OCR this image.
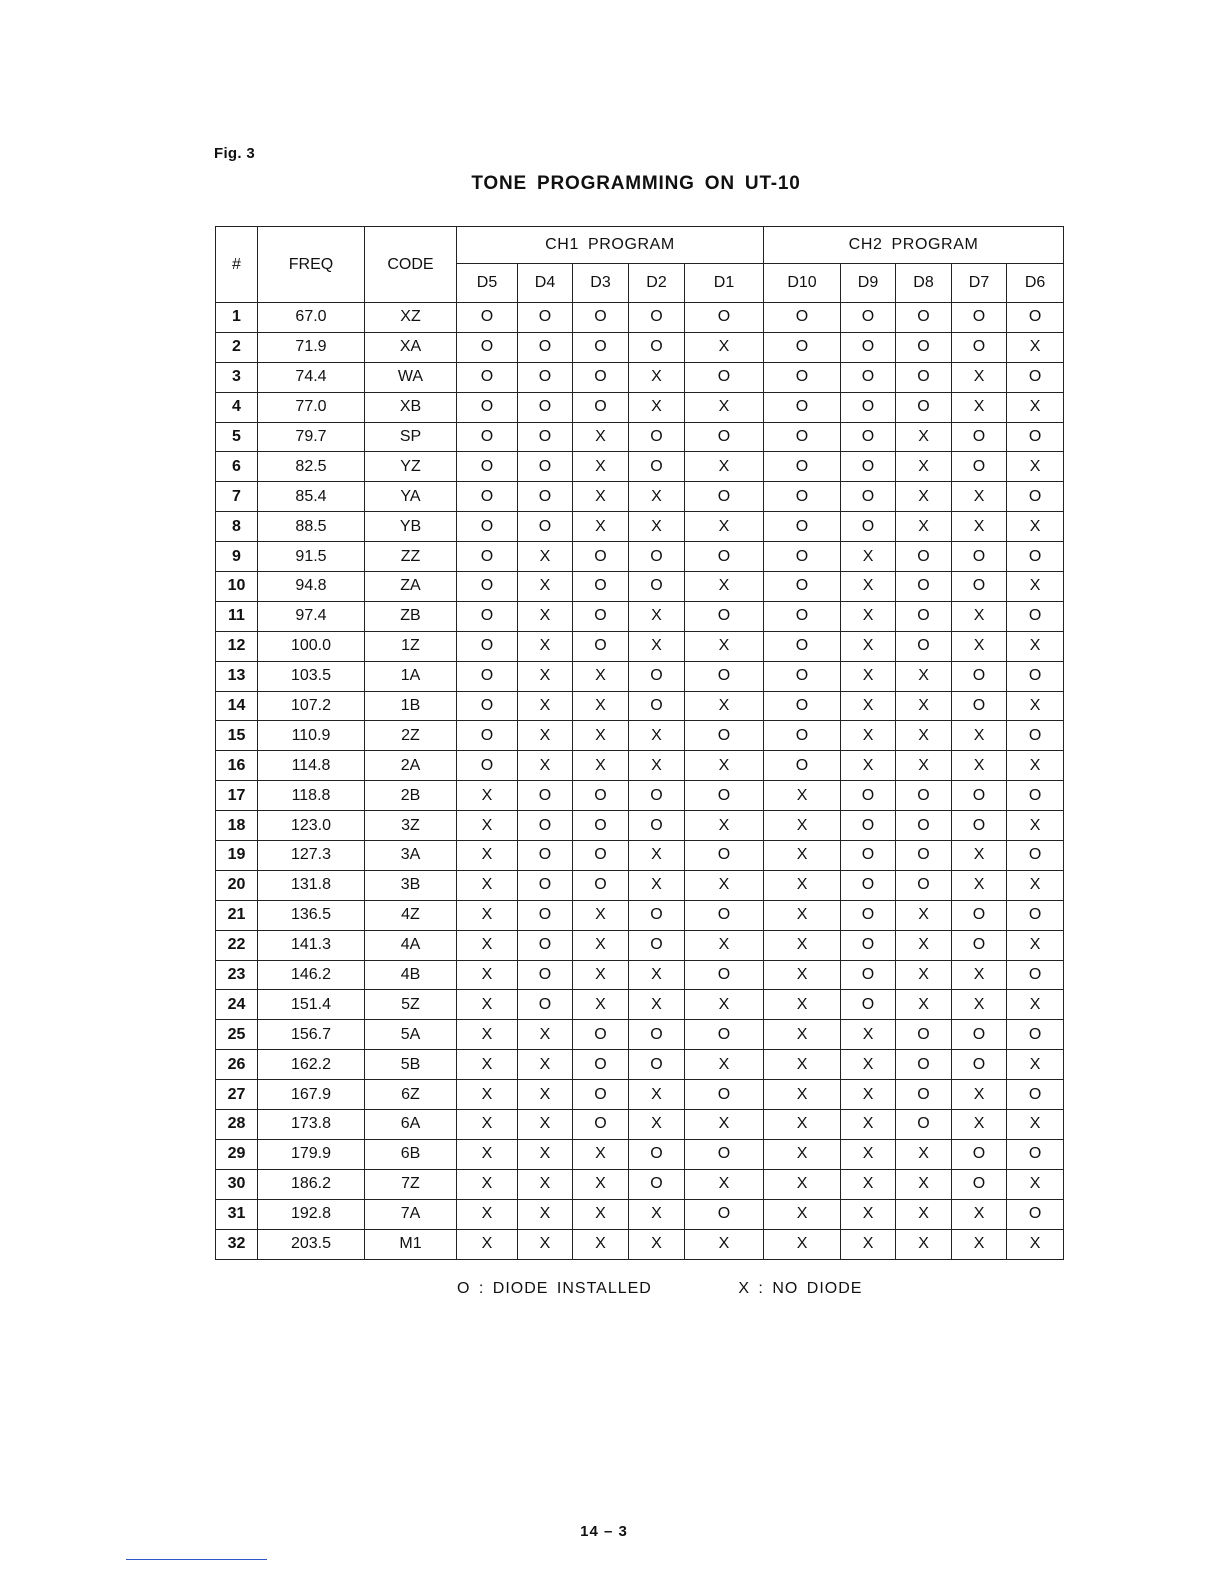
Fig. 3
TONE PROGRAMMING ON UT-10
#	FREQ	CODE	CH1 PROGRAM					CH2 PROGRAM				
			D5	D4	D3	D2	D1	D10	D9	D8	D7	D6
1	67.0	XZ	O	O	O	O	O	O	O	O	O	O
2	71.9	XA	O	O	O	O	X	O	O	O	O	X
3	74.4	WA	O	O	O	X	O	O	O	O	X	O
4	77.0	XB	O	O	O	X	X	O	O	O	X	X
5	79.7	SP	O	O	X	O	O	O	O	X	O	O
6	82.5	YZ	O	O	X	O	X	O	O	X	O	X
7	85.4	YA	O	O	X	X	O	O	O	X	X	O
8	88.5	YB	O	O	X	X	X	O	O	X	X	X
9	91.5	ZZ	O	X	O	O	O	O	X	O	O	O
10	94.8	ZA	O	X	O	O	X	O	X	O	O	X
11	97.4	ZB	O	X	O	X	O	O	X	O	X	O
12	100.0	1Z	O	X	O	X	X	O	X	O	X	X
13	103.5	1A	O	X	X	O	O	O	X	X	O	O
14	107.2	1B	O	X	X	O	X	O	X	X	O	X
15	110.9	2Z	O	X	X	X	O	O	X	X	X	O
16	114.8	2A	O	X	X	X	X	O	X	X	X	X
17	118.8	2B	X	O	O	O	O	X	O	O	O	O
18	123.0	3Z	X	O	O	O	X	X	O	O	O	X
19	127.3	3A	X	O	O	X	O	X	O	O	X	O
20	131.8	3B	X	O	O	X	X	X	O	O	X	X
21	136.5	4Z	X	O	X	O	O	X	O	X	O	O
22	141.3	4A	X	O	X	O	X	X	O	X	O	X
23	146.2	4B	X	O	X	X	O	X	O	X	X	O
24	151.4	5Z	X	O	X	X	X	X	O	X	X	X
25	156.7	5A	X	X	O	O	O	X	X	O	O	O
26	162.2	5B	X	X	O	O	X	X	X	O	O	X
27	167.9	6Z	X	X	O	X	O	X	X	O	X	O
28	173.8	6A	X	X	O	X	X	X	X	O	X	X
29	179.9	6B	X	X	X	O	O	X	X	X	O	O
30	186.2	7Z	X	X	X	O	X	X	X	X	O	X
31	192.8	7A	X	X	X	X	O	X	X	X	X	O
32	203.5	M1	X	X	X	X	X	X	X	X	X	X
O : DIODE INSTALLED	X : NO DIODE
14 – 3
